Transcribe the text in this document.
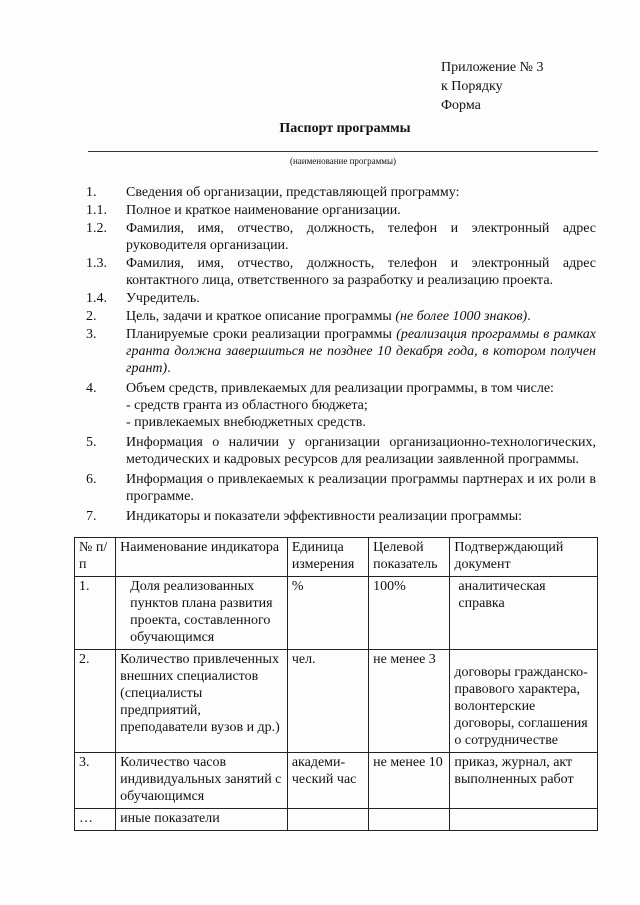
Приложение № 3
к Порядку
Форма
Паспорт программы
(наименование программы)
1. Сведения об организации, представляющей программу:
1.1. Полное и краткое наименование организации.
1.2. Фамилия, имя, отчество, должность, телефон и электронный адрес руководителя организации.
1.3. Фамилия, имя, отчество, должность, телефон и электронный адрес контактного лица, ответственного за разработку и реализацию проекта.
1.4. Учредитель.
2. Цель, задачи и краткое описание программы (не более 1000 знаков).
3. Планируемые сроки реализации программы (реализация программы в рамках гранта должна завершиться не позднее 10 декабря года, в котором получен грант).
4. Объем средств, привлекаемых для реализации программы, в том числе:
- средств гранта из областного бюджета;
- привлекаемых внебюджетных средств.
5. Информация о наличии у организации организационно-технологических, методических и кадровых ресурсов для реализации заявленной программы.
6. Информация о привлекаемых к реализации программы партнерах и их роли в программе.
7. Индикаторы и показатели эффективности реализации программы:
№ п/п	Наименование индикатора	Единица измерения	Целевой показатель	Подтверждающий документ
1.	Доля реализованных пунктов плана развития проекта, составленного обучающимся	%	100%	аналитическая справка
2.	Количество привлеченных внешних специалистов (специалисты предприятий, преподаватели вузов и др.)	чел.	не менее 3	договоры гражданско-правового характера, волонтерские договоры, соглашения о сотрудничестве
3.	Количество часов индивидуальных занятий с обучающимся	академи-ческий час	не менее 10	приказ, журнал, акт выполненных работ
…	иные показатели			
